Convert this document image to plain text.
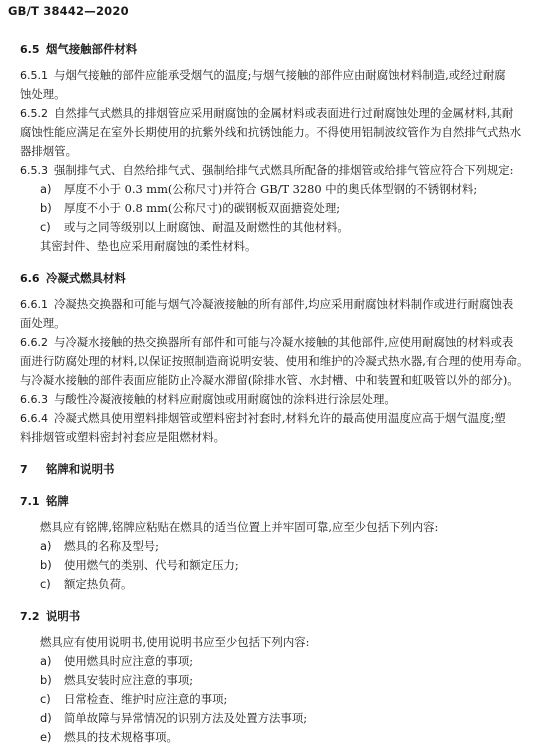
GB/T 38442—2020
6.5 烟气接触部件材料
6.5.1 与烟气接触的部件应能承受烟气的温度;与烟气接触的部件应由耐腐蚀材料制造,或经过耐腐
蚀处理。
6.5.2 自然排气式燃具的排烟管应采用耐腐蚀的金属材料或表面进行过耐腐蚀处理的金属材料,其耐
腐蚀性能应满足在室外长期使用的抗紫外线和抗锈蚀能力。不得使用铝制波纹管作为自然排气式热水
器排烟管。
6.5.3 强制排气式、自然给排气式、强制给排气式燃具所配备的排烟管或给排气管应符合下列规定:
a) 厚度不小于 0.3 mm(公称尺寸)并符合 GB/T 3280 中的奥氏体型钢的不锈钢材料;
b) 厚度不小于 0.8 mm(公称尺寸)的碳钢板双面搪瓷处理;
c) 或与之同等级别以上耐腐蚀、耐温及耐燃性的其他材料。
其密封件、垫也应采用耐腐蚀的柔性材料。
6.6 冷凝式燃具材料
6.6.1 冷凝热交换器和可能与烟气冷凝液接触的所有部件,均应采用耐腐蚀材料制作或进行耐腐蚀表
面处理。
6.6.2 与冷凝水接触的热交换器所有部件和可能与冷凝水接触的其他部件,应使用耐腐蚀的材料或表
面进行防腐处理的材料,以保证按照制造商说明安装、使用和维护的冷凝式热水器,有合理的使用寿命。
与冷凝水接触的部件表面应能防止冷凝水滞留(除排水管、水封槽、中和装置和虹吸管以外的部分)。
6.6.3 与酸性冷凝液接触的材料应耐腐蚀或用耐腐蚀的涂料进行涂层处理。
6.6.4 冷凝式燃具使用塑料排烟管或塑料密封衬套时,材料允许的最高使用温度应高于烟气温度;塑
料排烟管或塑料密封衬套应是阻燃材料。
7 铭牌和说明书
7.1 铭牌
燃具应有铭牌,铭牌应粘贴在燃具的适当位置上并牢固可靠,应至少包括下列内容:
a) 燃具的名称及型号;
b) 使用燃气的类别、代号和额定压力;
c) 额定热负荷。
7.2 说明书
燃具应有使用说明书,使用说明书应至少包括下列内容:
a) 使用燃具时应注意的事项;
b) 燃具安装时应注意的事项;
c) 日常检查、维护时应注意的事项;
d) 简单故障与异常情况的识别方法及处置方法事项;
e) 燃具的技术规格事项。
